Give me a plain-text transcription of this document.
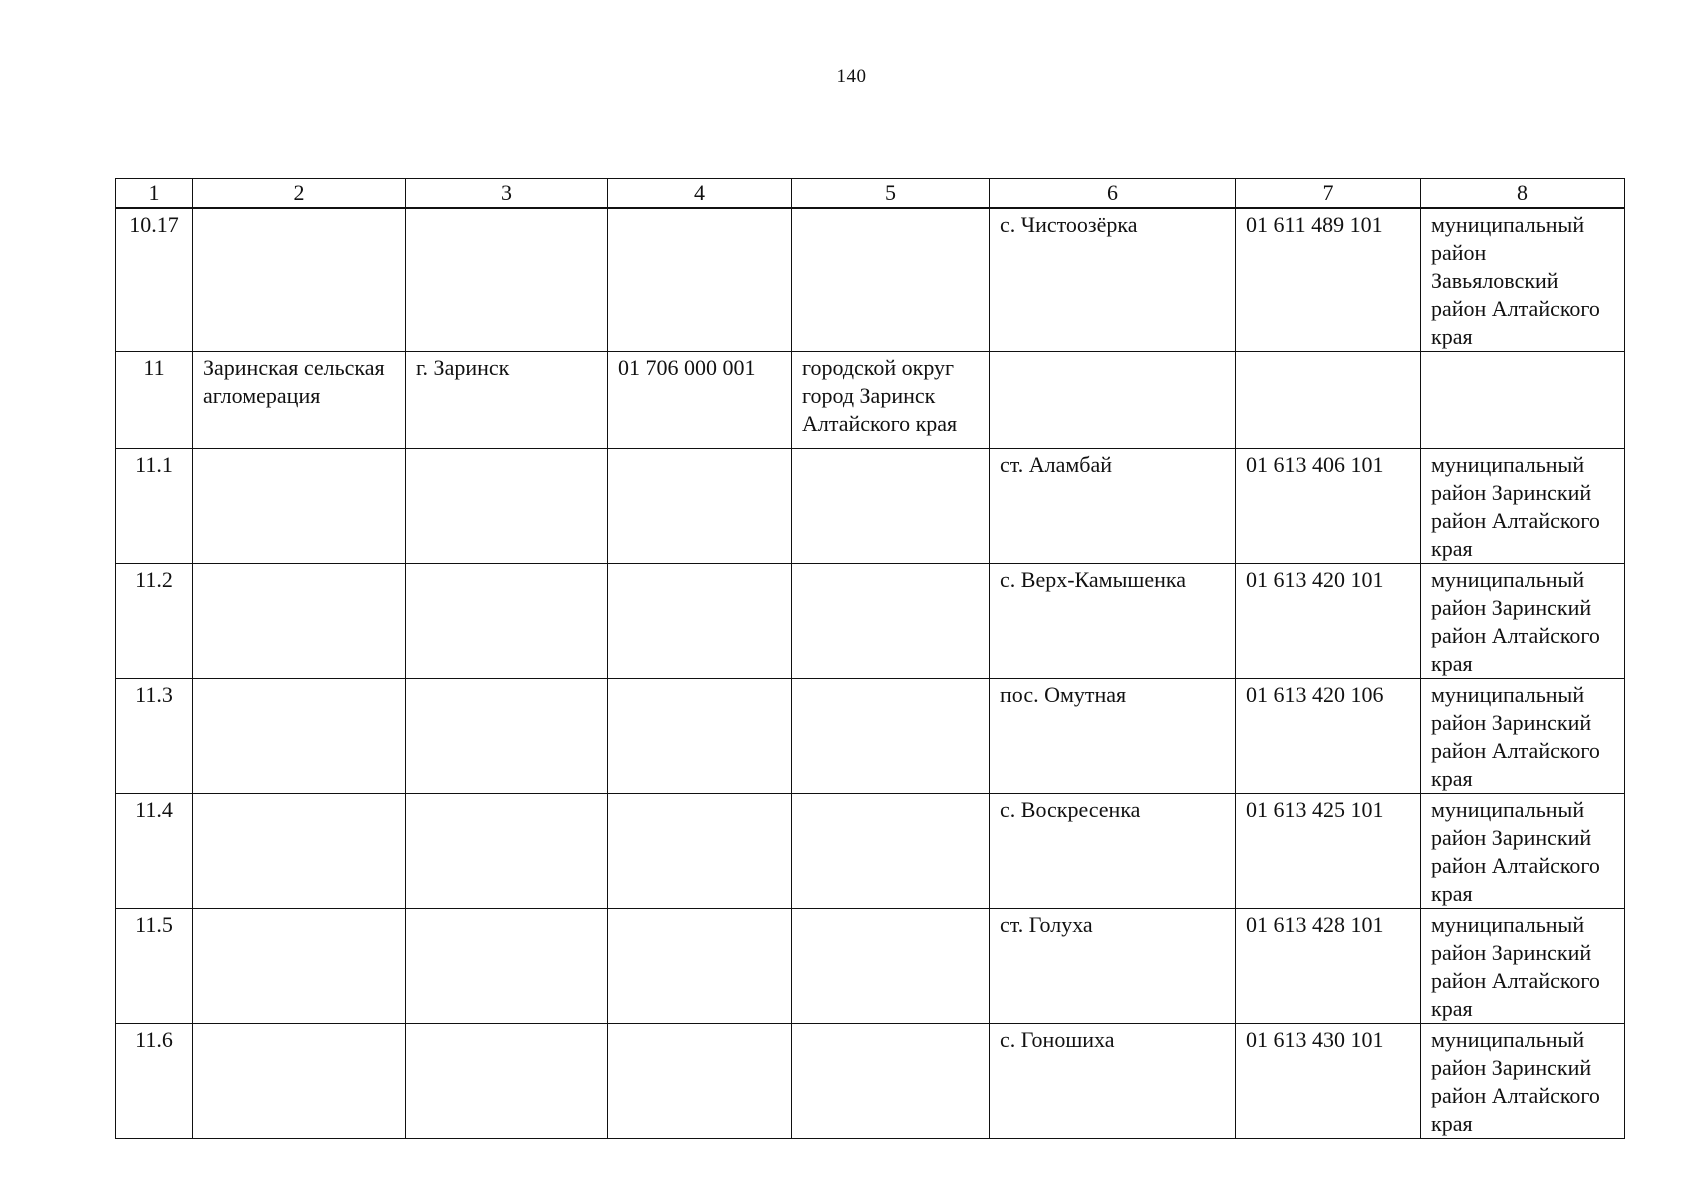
140
1	2	3	4	5	6	7	8
10.17					с. Чистоозёрка	01 611 489 101	муниципальный район Завьяловский район Алтайского края
11	Заринская сельская агломерация	г. Заринск	01 706 000 001	городской округ город Заринск Алтайского края			
11.1					ст. Аламбай	01 613 406 101	муниципальный район Заринский район Алтайского края
11.2					с. Верх-Камышенка	01 613 420 101	муниципальный район Заринский район Алтайского края
11.3					пос. Омутная	01 613 420 106	муниципальный район Заринский район Алтайского края
11.4					с. Воскресенка	01 613 425 101	муниципальный район Заринский район Алтайского края
11.5					ст. Голуха	01 613 428 101	муниципальный район Заринский район Алтайского края
11.6					с. Гоношиха	01 613 430 101	муниципальный район Заринский район Алтайского края
